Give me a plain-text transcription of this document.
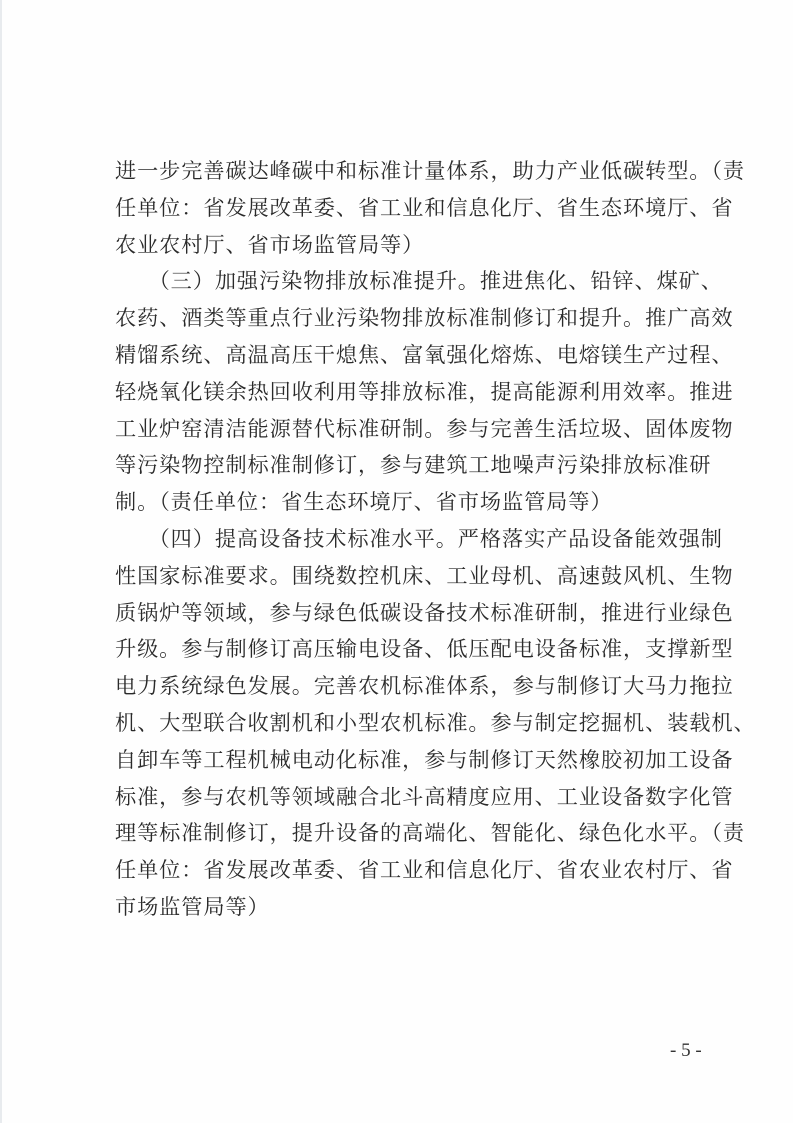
进一步完善碳达峰碳中和标准计量体系，助力产业低碳转型。（责
任单位：省发展改革委、省工业和信息化厅、省生态环境厅、省
农业农村厅、省市场监管局等）
　　（三）加强污染物排放标准提升。推进焦化、铅锌、煤矿、
农药、酒类等重点行业污染物排放标准制修订和提升。推广高效
精馏系统、高温高压干熄焦、富氧强化熔炼、电熔镁生产过程、
轻烧氧化镁余热回收利用等排放标准，提高能源利用效率。推进
工业炉窑清洁能源替代标准研制。参与完善生活垃圾、固体废物
等污染物控制标准制修订，参与建筑工地噪声污染排放标准研
制。（责任单位：省生态环境厅、省市场监管局等）
　　（四）提高设备技术标准水平。严格落实产品设备能效强制
性国家标准要求。围绕数控机床、工业母机、高速鼓风机、生物
质锅炉等领域，参与绿色低碳设备技术标准研制，推进行业绿色
升级。参与制修订高压输电设备、低压配电设备标准，支撑新型
电力系统绿色发展。完善农机标准体系，参与制修订大马力拖拉
机、大型联合收割机和小型农机标准。参与制定挖掘机、装载机、
自卸车等工程机械电动化标准，参与制修订天然橡胶初加工设备
标准，参与农机等领域融合北斗高精度应用、工业设备数字化管
理等标准制修订，提升设备的高端化、智能化、绿色化水平。（责
任单位：省发展改革委、省工业和信息化厅、省农业农村厅、省
市场监管局等）
- 5 -
